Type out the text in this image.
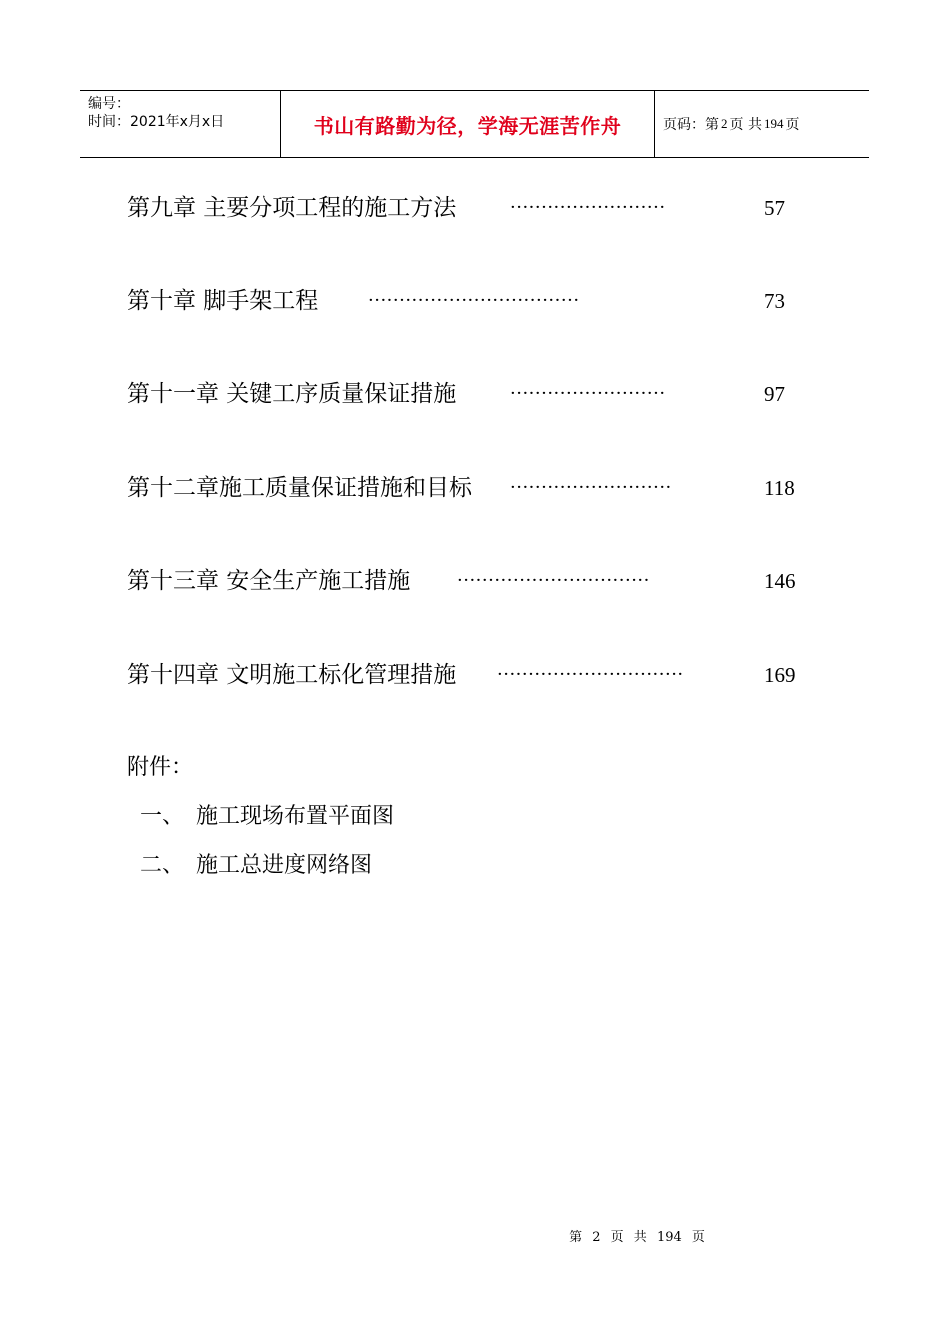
编号：
时间：2021年x月x日	书山有路勤为径，学海无涯苦作舟	页码：第 2 页 共 194 页
第九章 主要分项工程的施工方法	·························	57
第十章 脚手架工程	··································	73
第十一章 关键工序质量保证措施	·························	97
第十二章施工质量保证措施和目标 ··························	118
第十三章 安全生产施工措施	·······························	146
第十四章 文明施工标化管理措施 ······························	169
附件：
一、 施工现场布置平面图
二、 施工总进度网络图
第 2 页 共 194 页
